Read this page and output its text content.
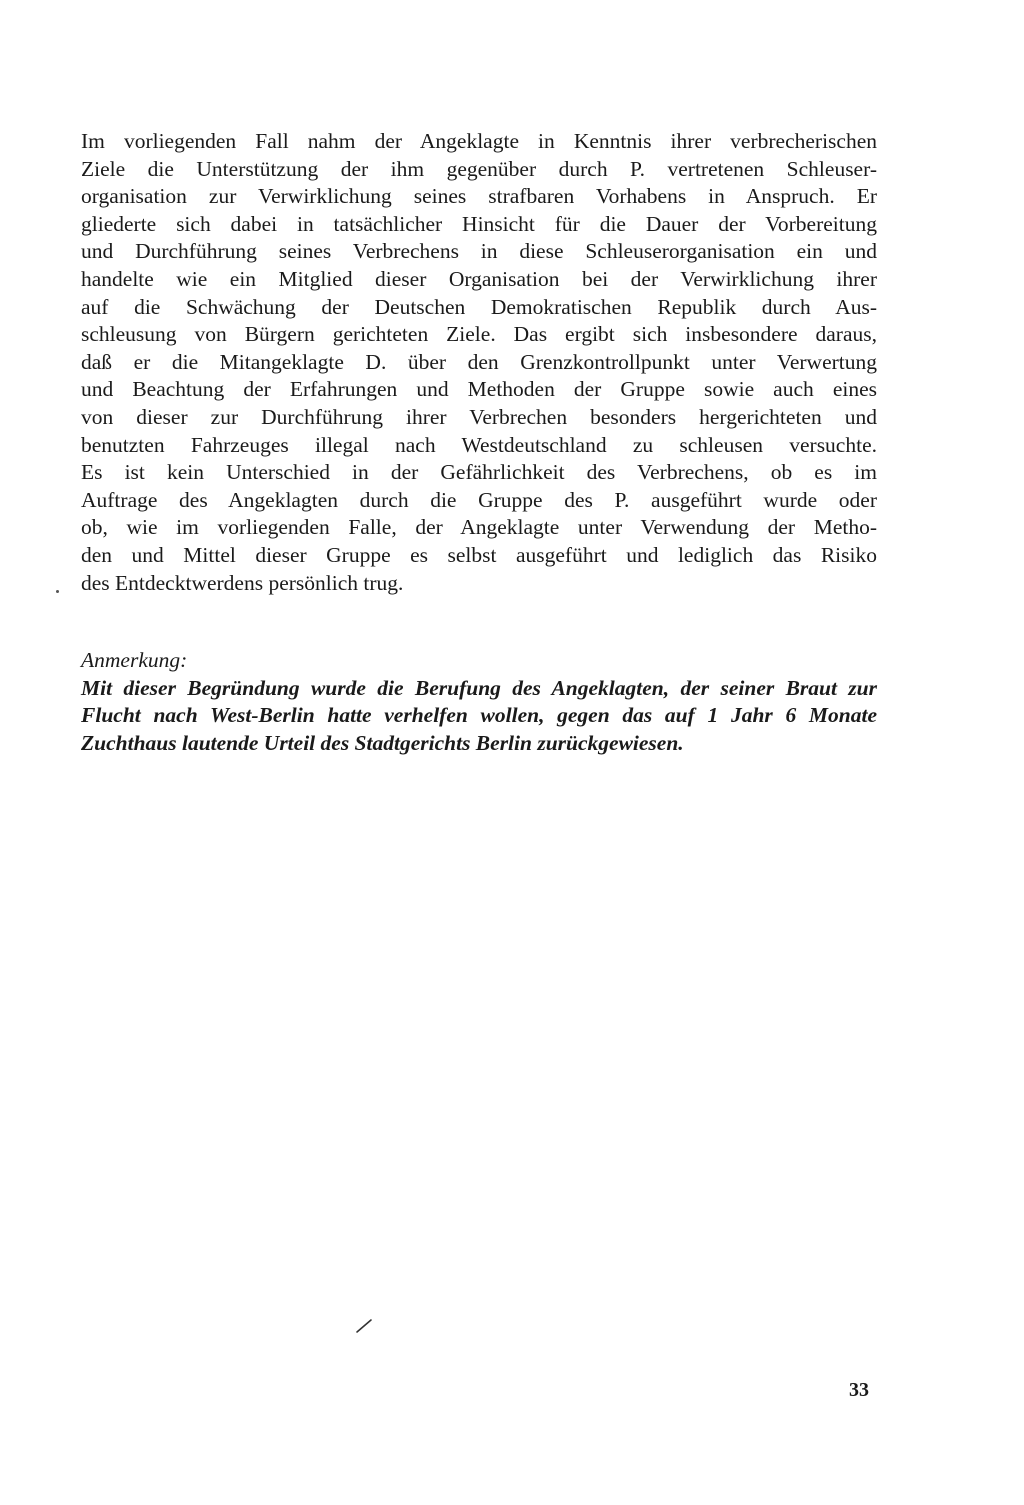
Im vorliegenden Fall nahm der Angeklagte in Kenntnis ihrer verbrecherischen
Ziele die Unterstützung der ihm gegenüber durch P. vertretenen Schleuser-
organisation zur Verwirklichung seines strafbaren Vorhabens in Anspruch. Er
gliederte sich dabei in tatsächlicher Hinsicht für die Dauer der Vorbereitung
und Durchführung seines Verbrechens in diese Schleuserorganisation ein und
handelte wie ein Mitglied dieser Organisation bei der Verwirklichung ihrer
auf die Schwächung der Deutschen Demokratischen Republik durch Aus-
schleusung von Bürgern gerichteten Ziele. Das ergibt sich insbesondere daraus,
daß er die Mitangeklagte D. über den Grenzkontrollpunkt unter Verwertung
und Beachtung der Erfahrungen und Methoden der Gruppe sowie auch eines
von dieser zur Durchführung ihrer Verbrechen besonders hergerichteten und
benutzten Fahrzeuges illegal nach Westdeutschland zu schleusen versuchte.
Es ist kein Unterschied in der Gefährlichkeit des Verbrechens, ob es im
Auftrage des Angeklagten durch die Gruppe des P. ausgeführt wurde oder
ob, wie im vorliegenden Falle, der Angeklagte unter Verwendung der Metho-
den und Mittel dieser Gruppe es selbst ausgeführt und lediglich das Risiko
des Entdecktwerdens persönlich trug.
Anmerkung:
Mit dieser Begründung wurde die Berufung des Angeklagten, der seiner Braut zur
Flucht nach West-Berlin hatte verhelfen wollen, gegen das auf 1 Jahr 6 Monate
Zuchthaus lautende Urteil des Stadtgerichts Berlin zurückgewiesen.
33
